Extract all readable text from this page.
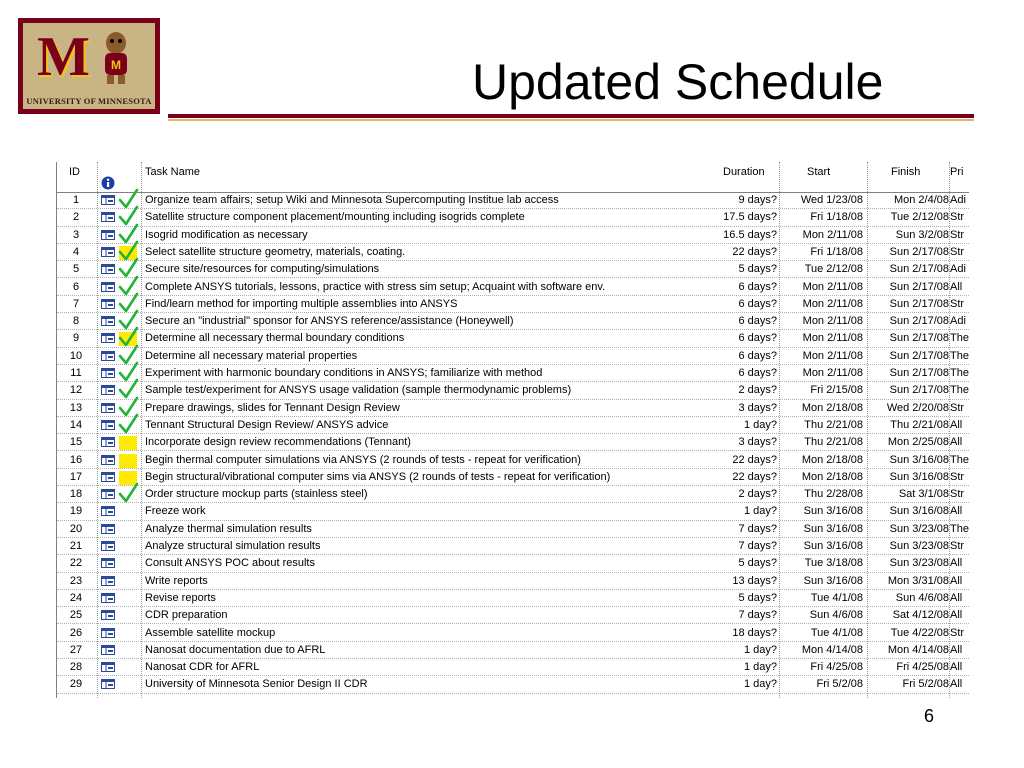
M M
UNIVERSITY OF MINNESOTA	Updated Schedule
ID	Task Name	Duration	Start	Finish	Pri
1	Organize team affairs; setup Wiki and Minnesota Supercomputing Institue lab access	9 days?	Wed 1/23/08	Mon 2/4/08 Adi
2	Satellite structure component placement/mounting including isogrids complete	17.5 days?	Fri 1/18/08	Tue 2/12/08 Str
3	Isogrid modification as necessary	16.5 days?	Mon 2/11/08	Sun 3/2/08 Str
4	Select satellite structure geometry, materials, coating.	22 days?	Fri 1/18/08	Sun 2/17/08 Str
5	Secure site/resources for computing/simulations	5 days?	Tue 2/12/08	Sun 2/17/08 Adi
6	Complete ANSYS tutorials, lessons, practice with stress sim setup; Acquaint with software env.	6 days?	Mon 2/11/08	Sun 2/17/08 All
7	Find/learn method for importing multiple assemblies into ANSYS	6 days?	Mon 2/11/08	Sun 2/17/08 Str
8	Secure an "industrial" sponsor for ANSYS reference/assistance (Honeywell)	6 days?	Mon 2/11/08	Sun 2/17/08 Adi
9	Determine all necessary thermal boundary conditions	6 days?	Mon 2/11/08	Sun 2/17/08 The
10	Determine all necessary material properties	6 days?	Mon 2/11/08	Sun 2/17/08 The
11	Experiment with harmonic boundary conditions in ANSYS; familiarize with method	6 days?	Mon 2/11/08	Sun 2/17/08 The
12	Sample test/experiment for ANSYS usage validation (sample thermodynamic problems)	2 days?	Fri 2/15/08	Sun 2/17/08 The
13	Prepare drawings, slides for Tennant Design Review	3 days?	Mon 2/18/08	Wed 2/20/08 Str
14	Tennant Structural Design Review/ ANSYS advice	1 day?	Thu 2/21/08	Thu 2/21/08 All
15	Incorporate design review recommendations (Tennant)	3 days?	Thu 2/21/08	Mon 2/25/08 All
16	Begin thermal computer simulations via ANSYS (2 rounds of tests - repeat for verification)	22 days?	Mon 2/18/08	Sun 3/16/08 The
17	Begin structural/vibrational computer sims via ANSYS (2 rounds of tests - repeat for verification)	22 days?	Mon 2/18/08	Sun 3/16/08 Str
18	Order structure mockup parts (stainless steel)	2 days?	Thu 2/28/08	Sat 3/1/08 Str
19	Freeze work	1 day?	Sun 3/16/08	Sun 3/16/08 All
20	Analyze thermal simulation results	7 days?	Sun 3/16/08	Sun 3/23/08 The
21	Analyze structural simulation results	7 days?	Sun 3/16/08	Sun 3/23/08 Str
22	Consult ANSYS POC about results	5 days?	Tue 3/18/08	Sun 3/23/08 All
23	Write reports	13 days?	Sun 3/16/08	Mon 3/31/08 All
24	Revise reports	5 days?	Tue 4/1/08	Sun 4/6/08 All
25	CDR preparation	7 days?	Sun 4/6/08	Sat 4/12/08 All
26	Assemble satellite mockup	18 days?	Tue 4/1/08	Tue 4/22/08 Str
27	Nanosat documentation due to AFRL	1 day?	Mon 4/14/08	Mon 4/14/08 All
28	Nanosat CDR for AFRL	1 day?	Fri 4/25/08	Fri 4/25/08 All
29	University of Minnesota Senior Design II CDR	1 day?	Fri 5/2/08	Fri 5/2/08 All
6
